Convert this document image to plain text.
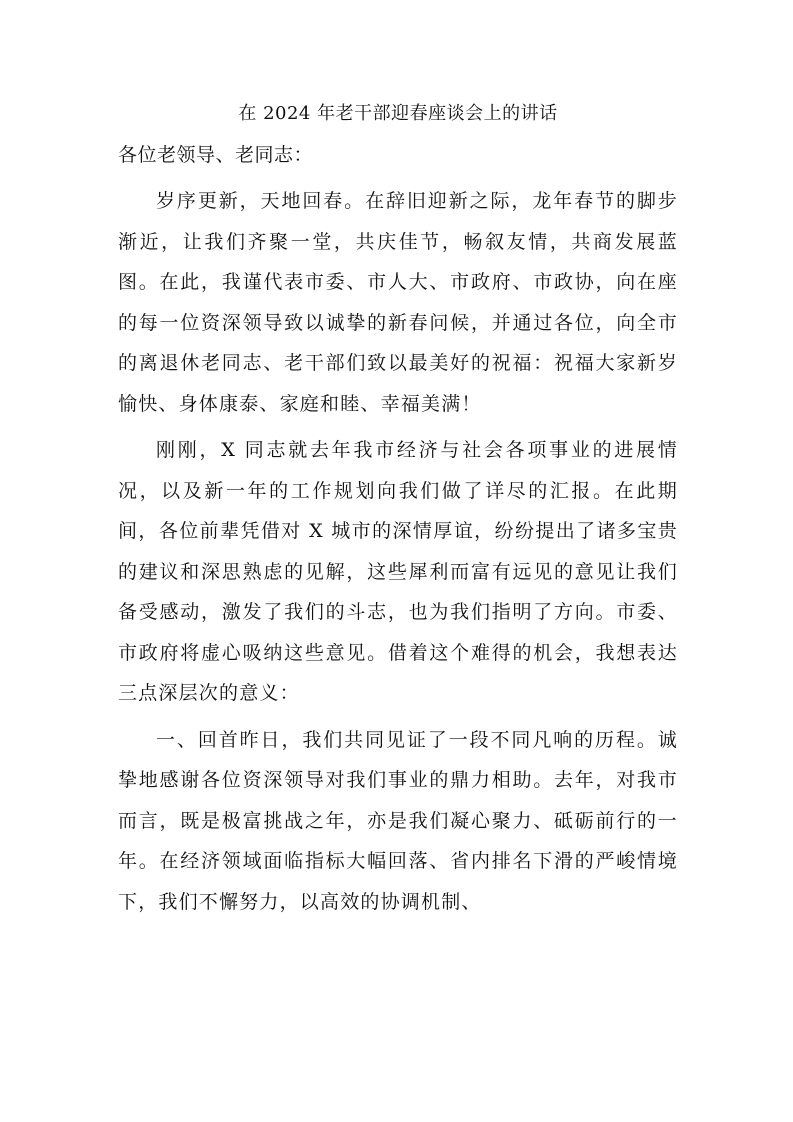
在 2024 年老干部迎春座谈会上的讲话

各位老领导、老同志：

岁序更新，天地回春。在辞旧迎新之际，龙年春节的脚步渐近，让我们齐聚一堂，共庆佳节，畅叙友情，共商发展蓝图。在此，我谨代表市委、市人大、市政府、市政协，向在座的每一位资深领导致以诚挚的新春问候，并通过各位，向全市的离退休老同志、老干部们致以最美好的祝福：祝福大家新岁愉快、身体康泰、家庭和睦、幸福美满！

刚刚，X 同志就去年我市经济与社会各项事业的进展情况，以及新一年的工作规划向我们做了详尽的汇报。在此期间，各位前辈凭借对 X 城市的深情厚谊，纷纷提出了诸多宝贵的建议和深思熟虑的见解，这些犀利而富有远见的意见让我们备受感动，激发了我们的斗志，也为我们指明了方向。市委、市政府将虚心吸纳这些意见。借着这个难得的机会，我想表达三点深层次的意义：

一、回首昨日，我们共同见证了一段不同凡响的历程。诚挚地感谢各位资深领导对我们事业的鼎力相助。去年，对我市而言，既是极富挑战之年，亦是我们凝心聚力、砥砺前行的一年。在经济领域面临指标大幅回落、省内排名下滑的严峻情境下，我们不懈努力，以高效的协调机制、
